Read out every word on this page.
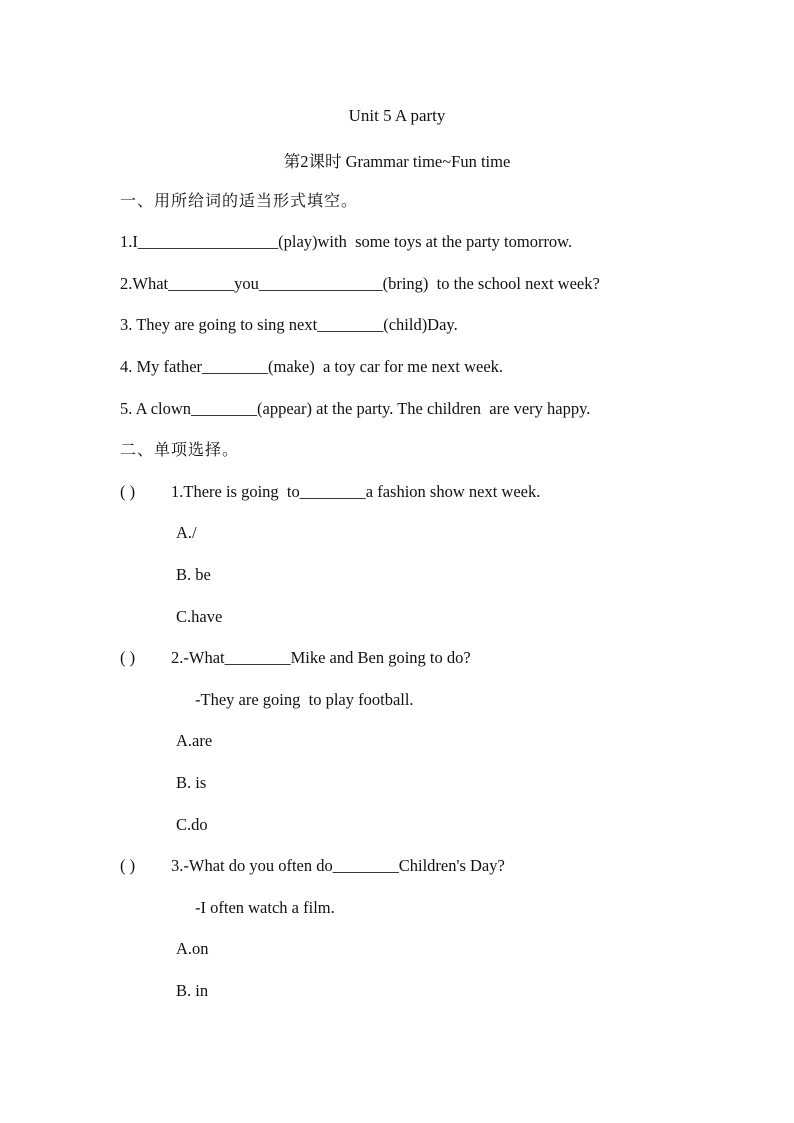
Unit 5 A party
第2课时 Grammar time~Fun time
一、用所给词的适当形式填空。
1.I_________________(play)with  some toys at the party tomorrow.
2.What________you_______________(bring)  to the school next week?
3. They are going to sing next________(child)Day.
4. My father________(make)  a toy car for me next week.
5. A clown________(appear) at the party. The children  are very happy.
二、单项选择。
( ) 1.There is going  to________a fashion show next week.
A./
B. be
C.have
( ) 2.-What________Mike and Ben going to do?
-They are going  to play football.
A.are
B. is
C.do
( ) 3.-What do you often do________Children's Day?
-I often watch a film.
A.on
B. in
